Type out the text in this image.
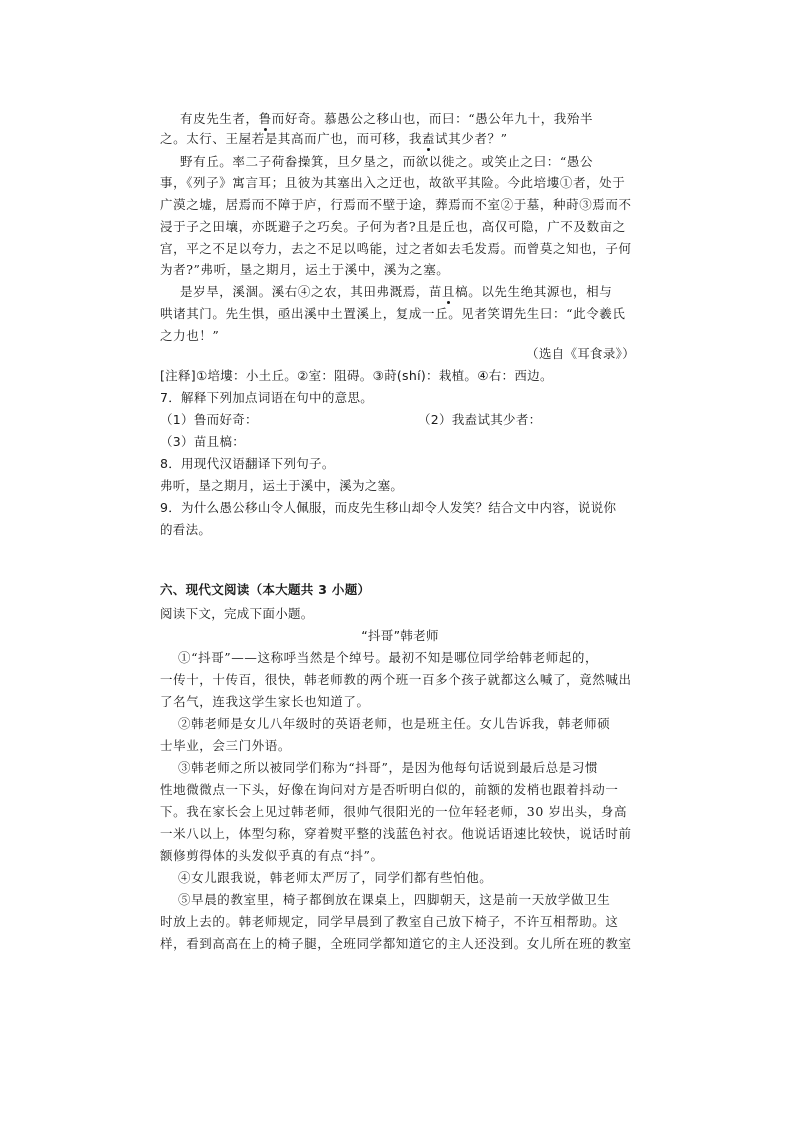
有皮先生者，鲁而好奇。慕愚公之移山也，而曰：“愚公年九十，我殆半
之。太行、王屋若是其高而广也，而可移，我盍试其少者？”
野有丘。率二子荷畚操箕，旦夕垦之，而欲以徙之。或笑止之曰：“愚公
事，《列子》寓言耳；且彼为其塞出入之迂也，故欲平其险。今此培塿①者，处于
广漠之墟，居焉而不障于庐，行焉而不壁于途，葬焉而不室②于墓，种莳③焉而不
浸于子之田壤，亦既避子之巧矣。子何为者?且是丘也，高仅可隐，广不及数亩之
宫，平之不足以夸力，去之不足以鸣能，过之者如去毛发焉。而曾莫之知也，子何
为者?”弗听，垦之期月，运土于溪中，溪为之塞。
是岁旱，溪涸。溪右④之农，其田弗溉焉，苗且槁。以先生绝其源也，相与
哄诸其门。先生惧，亟出溪中土置溪上，复成一丘。见者笑谓先生曰：“此令羲氏
之力也！”
（选自《耳食录》）
[注释]①培塿：小土丘。②室：阻碍。③莳(shí)：栽植。④右：西边。
7．解释下列加点词语在句中的意思。
（1）鲁而好奇：	（2）我盍试其少者：
（3）苗且槁：
8．用现代汉语翻译下列句子。
弗听，垦之期月，运土于溪中，溪为之塞。
9．为什么愚公移山令人佩服，而皮先生移山却令人发笑？结合文中内容，说说你
的看法。
六、现代文阅读（本大题共 3 小题）
阅读下文，完成下面小题。
“抖哥”韩老师
①“抖哥”——这称呼当然是个绰号。最初不知是哪位同学给韩老师起的，
一传十，十传百，很快，韩老师教的两个班一百多个孩子就都这么喊了，竟然喊出
了名气，连我这学生家长也知道了。
②韩老师是女儿八年级时的英语老师，也是班主任。女儿告诉我，韩老师硕
士毕业，会三门外语。
③韩老师之所以被同学们称为“抖哥”，是因为他每句话说到最后总是习惯
性地微微点一下头，好像在询问对方是否听明白似的，前额的发梢也跟着抖动一
下。我在家长会上见过韩老师，很帅气很阳光的一位年轻老师，30 岁出头，身高
一米八以上，体型匀称，穿着熨平整的浅蓝色衬衣。他说话语速比较快，说话时前
额修剪得体的头发似乎真的有点“抖”。
④女儿跟我说，韩老师太严厉了，同学们都有些怕他。
⑤早晨的教室里，椅子都倒放在课桌上，四脚朝天，这是前一天放学做卫生
时放上去的。韩老师规定，同学早晨到了教室自己放下椅子，不许互相帮助。这
样，看到高高在上的椅子腿，全班同学都知道它的主人还没到。女儿所在班的教室
